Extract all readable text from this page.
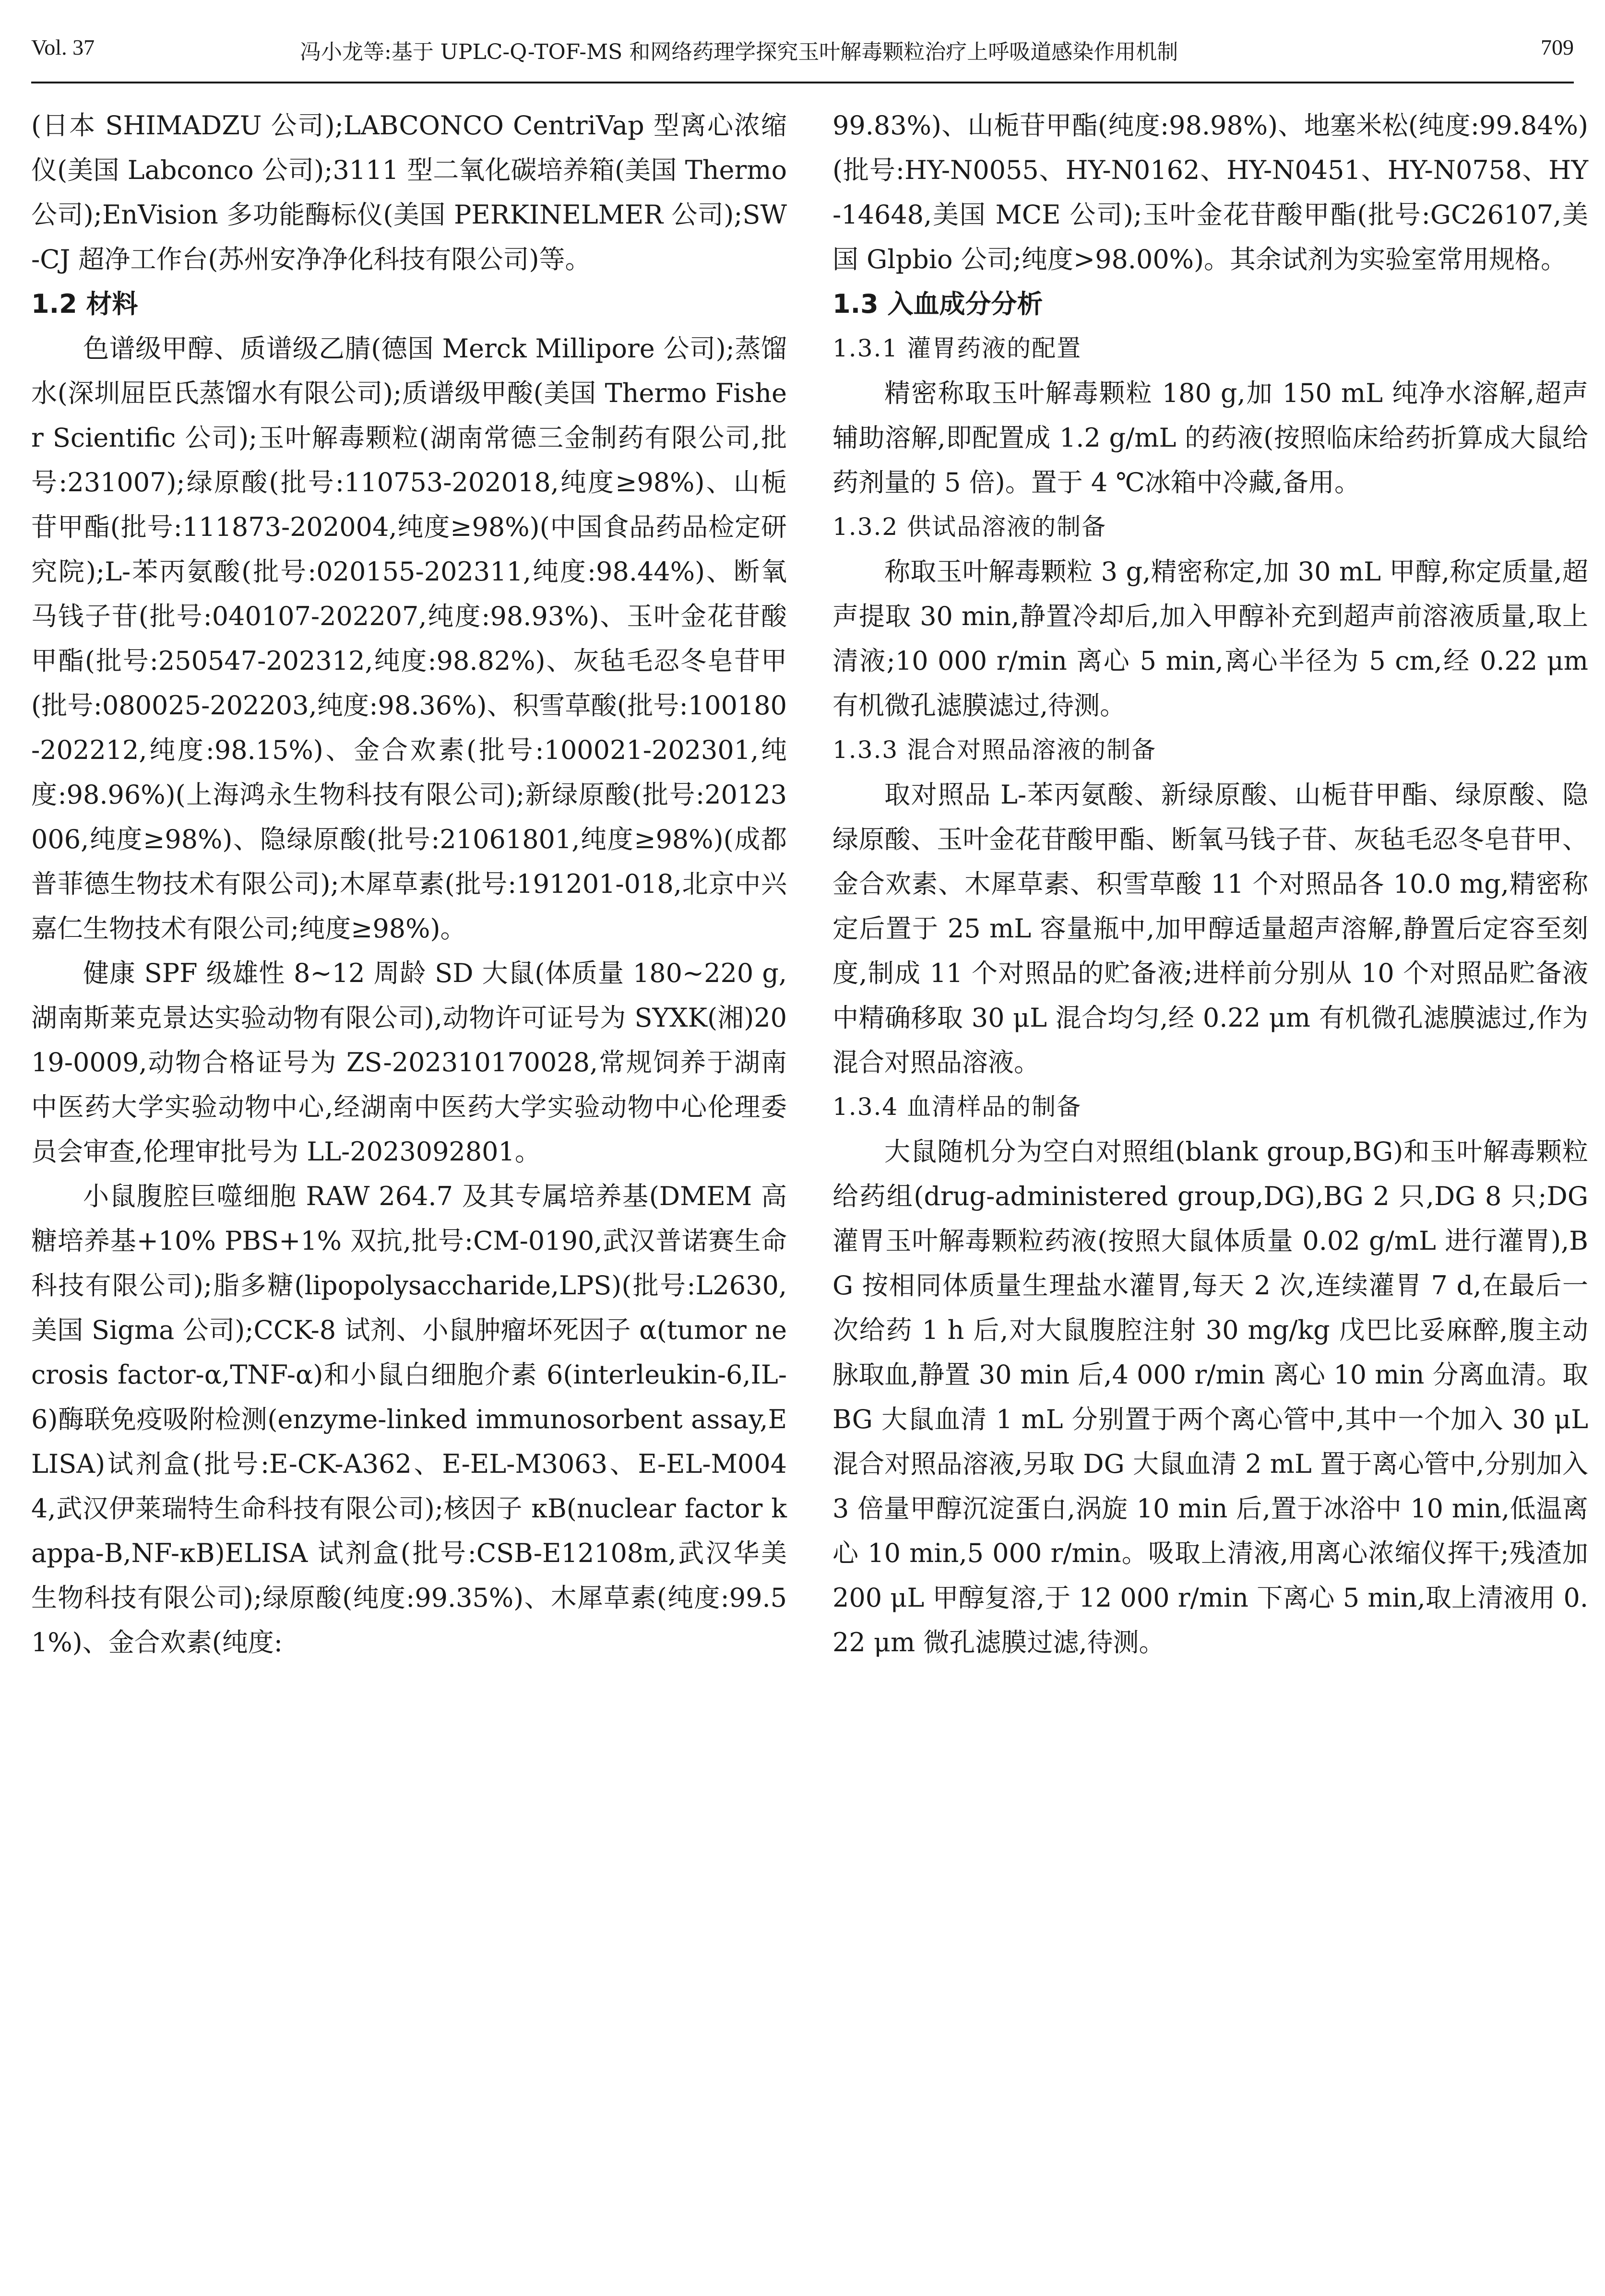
Vol. 37	冯小龙等:基于 UPLC-Q-TOF-MS 和网络药理学探究玉叶解毒颗粒治疗上呼吸道感染作用机制	709

(日本 SHIMADZU 公司);LABCONCO CentriVap 型离心浓缩仪(美国 Labconco 公司);3111 型二氧化碳培养箱(美国 Thermo 公司);EnVision 多功能酶标仪(美国 PERKINELMER 公司);SW-CJ 超净工作台(苏州安净净化科技有限公司)等。

1.2 材料

色谱级甲醇、质谱级乙腈(德国 Merck Millipore 公司);蒸馏水(深圳屈臣氏蒸馏水有限公司);质谱级甲酸(美国 Thermo Fisher Scientific 公司);玉叶解毒颗粒(湖南常德三金制药有限公司,批号:231007);绿原酸(批号:110753-202018,纯度≥98%)、山栀苷甲酯(批号:111873-202004,纯度≥98%)(中国食品药品检定研究院);L-苯丙氨酸(批号:020155-202311,纯度:98.44%)、断氧马钱子苷(批号:040107-202207,纯度:98.93%)、玉叶金花苷酸甲酯(批号:250547-202312,纯度:98.82%)、灰毡毛忍冬皂苷甲(批号:080025-202203,纯度:98.36%)、积雪草酸(批号:100180-202212,纯度:98.15%)、金合欢素(批号:100021-202301,纯度:98.96%)(上海鸿永生物科技有限公司);新绿原酸(批号:20123006,纯度≥98%)、隐绿原酸(批号:21061801,纯度≥98%)(成都普菲德生物技术有限公司);木犀草素(批号:191201-018,北京中兴嘉仁生物技术有限公司;纯度≥98%)。

健康 SPF 级雄性 8~12 周龄 SD 大鼠(体质量 180~220 g,湖南斯莱克景达实验动物有限公司),动物许可证号为 SYXK(湘)2019-0009,动物合格证号为 ZS-202310170028,常规饲养于湖南中医药大学实验动物中心,经湖南中医药大学实验动物中心伦理委员会审查,伦理审批号为 LL-2023092801。

小鼠腹腔巨噬细胞 RAW 264.7 及其专属培养基(DMEM 高糖培养基+10% PBS+1% 双抗,批号:CM-0190,武汉普诺赛生命科技有限公司);脂多糖(lipopolysaccharide,LPS)(批号:L2630,美国 Sigma 公司);CCK-8 试剂、小鼠肿瘤坏死因子 α(tumor necrosis factor-α,TNF-α)和小鼠白细胞介素 6(interleukin-6,IL-6)酶联免疫吸附检测(enzyme-linked immunosorbent assay,ELISA)试剂盒(批号:E-CK-A362、E-EL-M3063、E-EL-M0044,武汉伊莱瑞特生命科技有限公司);核因子 κB(nuclear factor kappa-B,NF-κB)ELISA 试剂盒(批号:CSB-E12108m,武汉华美生物科技有限公司);绿原酸(纯度:99.35%)、木犀草素(纯度:99.51%)、金合欢素(纯度:

99.83%)、山栀苷甲酯(纯度:98.98%)、地塞米松(纯度:99.84%)(批号:HY-N0055、HY-N0162、HY-N0451、HY-N0758、HY-14648,美国 MCE 公司);玉叶金花苷酸甲酯(批号:GC26107,美国 Glpbio 公司;纯度>98.00%)。其余试剂为实验室常用规格。

1.3 入血成分分析

1.3.1 灌胃药液的配置

精密称取玉叶解毒颗粒 180 g,加 150 mL 纯净水溶解,超声辅助溶解,即配置成 1.2 g/mL 的药液(按照临床给药折算成大鼠给药剂量的 5 倍)。置于 4 ℃冰箱中冷藏,备用。

1.3.2 供试品溶液的制备

称取玉叶解毒颗粒 3 g,精密称定,加 30 mL 甲醇,称定质量,超声提取 30 min,静置冷却后,加入甲醇补充到超声前溶液质量,取上清液;10 000 r/min 离心 5 min,离心半径为 5 cm,经 0.22 μm 有机微孔滤膜滤过,待测。

1.3.3 混合对照品溶液的制备

取对照品 L-苯丙氨酸、新绿原酸、山栀苷甲酯、绿原酸、隐绿原酸、玉叶金花苷酸甲酯、断氧马钱子苷、灰毡毛忍冬皂苷甲、金合欢素、木犀草素、积雪草酸 11 个对照品各 10.0 mg,精密称定后置于 25 mL 容量瓶中,加甲醇适量超声溶解,静置后定容至刻度,制成 11 个对照品的贮备液;进样前分别从 10 个对照品贮备液中精确移取 30 μL 混合均匀,经 0.22 μm 有机微孔滤膜滤过,作为混合对照品溶液。

1.3.4 血清样品的制备

大鼠随机分为空白对照组(blank group,BG)和玉叶解毒颗粒给药组(drug-administered group,DG),BG 2 只,DG 8 只;DG 灌胃玉叶解毒颗粒药液(按照大鼠体质量 0.02 g/mL 进行灌胃),BG 按相同体质量生理盐水灌胃,每天 2 次,连续灌胃 7 d,在最后一次给药 1 h 后,对大鼠腹腔注射 30 mg/kg 戊巴比妥麻醉,腹主动脉取血,静置 30 min 后,4 000 r/min 离心 10 min 分离血清。取 BG 大鼠血清 1 mL 分别置于两个离心管中,其中一个加入 30 μL 混合对照品溶液,另取 DG 大鼠血清 2 mL 置于离心管中,分别加入 3 倍量甲醇沉淀蛋白,涡旋 10 min 后,置于冰浴中 10 min,低温离心 10 min,5 000 r/min。吸取上清液,用离心浓缩仪挥干;残渣加 200 μL 甲醇复溶,于 12 000 r/min 下离心 5 min,取上清液用 0.22 μm 微孔滤膜过滤,待测。
